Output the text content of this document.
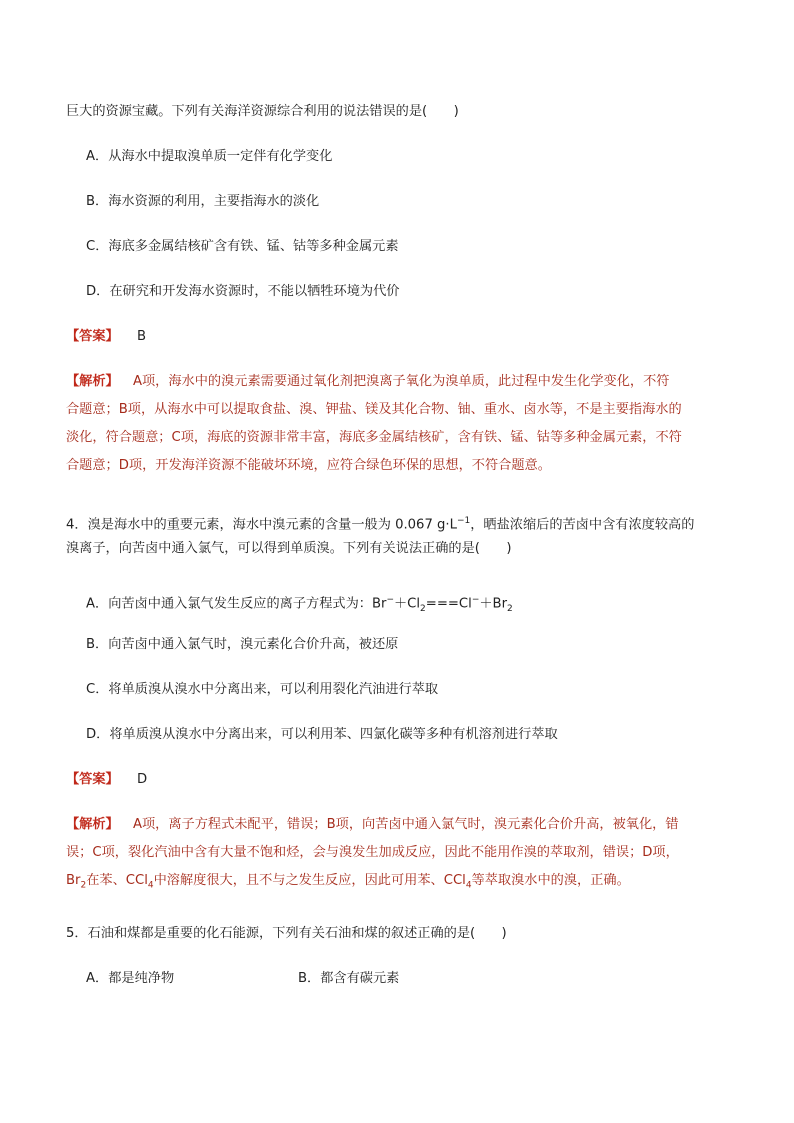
巨大的资源宝藏。下列有关海洋资源综合利用的说法错误的是(　　)
A．从海水中提取溴单质一定伴有化学变化
B．海水资源的利用，主要指海水的淡化
C．海底多金属结核矿含有铁、锰、钴等多种金属元素
D．在研究和开发海水资源时，不能以牺牲环境为代价
【答案】 B
【解析】 A项，海水中的溴元素需要通过氧化剂把溴离子氧化为溴单质，此过程中发生化学变化，不符
合题意；B项，从海水中可以提取食盐、溴、钾盐、镁及其化合物、铀、重水、卤水等，不是主要指海水的
淡化，符合题意；C项，海底的资源非常丰富，海底多金属结核矿，含有铁、锰、钴等多种金属元素，不符
合题意；D项，开发海洋资源不能破坏环境，应符合绿色环保的思想，不符合题意。
4．溴是海水中的重要元素，海水中溴元素的含量一般为 0.067 $g\cdot L^{-1}$，晒盐浓缩后的苦卤中含有浓度较高的
溴离子，向苦卤中通入氯气，可以得到单质溴。下列有关说法正确的是(　　)
A．向苦卤中通入氯气发生反应的离子方程式为：$Br^-+Cl_2===Cl^-+Br_2$
B．向苦卤中通入氯气时，溴元素化合价升高，被还原
C．将单质溴从溴水中分离出来，可以利用裂化汽油进行萃取
D．将单质溴从溴水中分离出来，可以利用苯、四氯化碳等多种有机溶剂进行萃取
【答案】 D
【解析】 A项，离子方程式未配平，错误；B项，向苦卤中通入氯气时，溴元素化合价升高，被氧化，错
误；C项，裂化汽油中含有大量不饱和烃，会与溴发生加成反应，因此不能用作溴的萃取剂，错误；D项，
$Br_2$在苯、CCl$_4$中溶解度很大，且不与之发生反应，因此可用苯、CCl$_4$等萃取溴水中的溴，正确。
5．石油和煤都是重要的化石能源，下列有关石油和煤的叙述正确的是(　　)
A．都是纯净物	B．都含有碳元素
